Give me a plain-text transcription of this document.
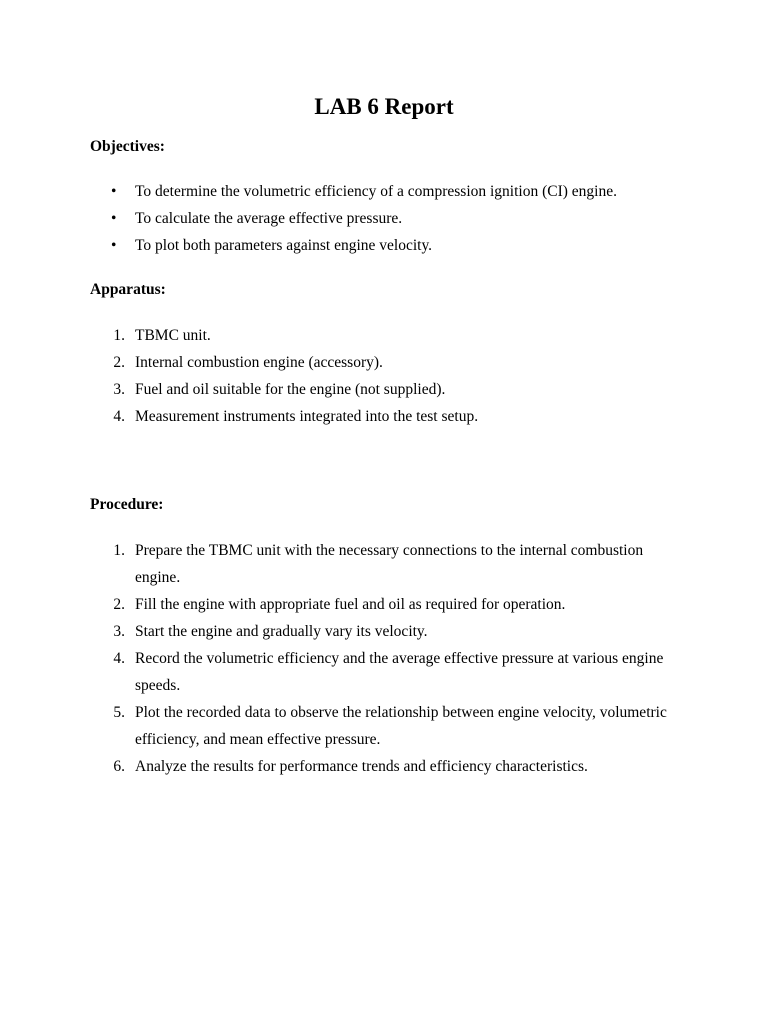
LAB 6 Report
Objectives:
• To determine the volumetric efficiency of a compression ignition (CI) engine.
• To calculate the average effective pressure.
• To plot both parameters against engine velocity.
Apparatus:
1. TBMC unit.
2. Internal combustion engine (accessory).
3. Fuel and oil suitable for the engine (not supplied).
4. Measurement instruments integrated into the test setup.
Procedure:
1. Prepare the TBMC unit with the necessary connections to the internal combustion engine.
2. Fill the engine with appropriate fuel and oil as required for operation.
3. Start the engine and gradually vary its velocity.
4. Record the volumetric efficiency and the average effective pressure at various engine speeds.
5. Plot the recorded data to observe the relationship between engine velocity, volumetric efficiency, and mean effective pressure.
6. Analyze the results for performance trends and efficiency characteristics.
